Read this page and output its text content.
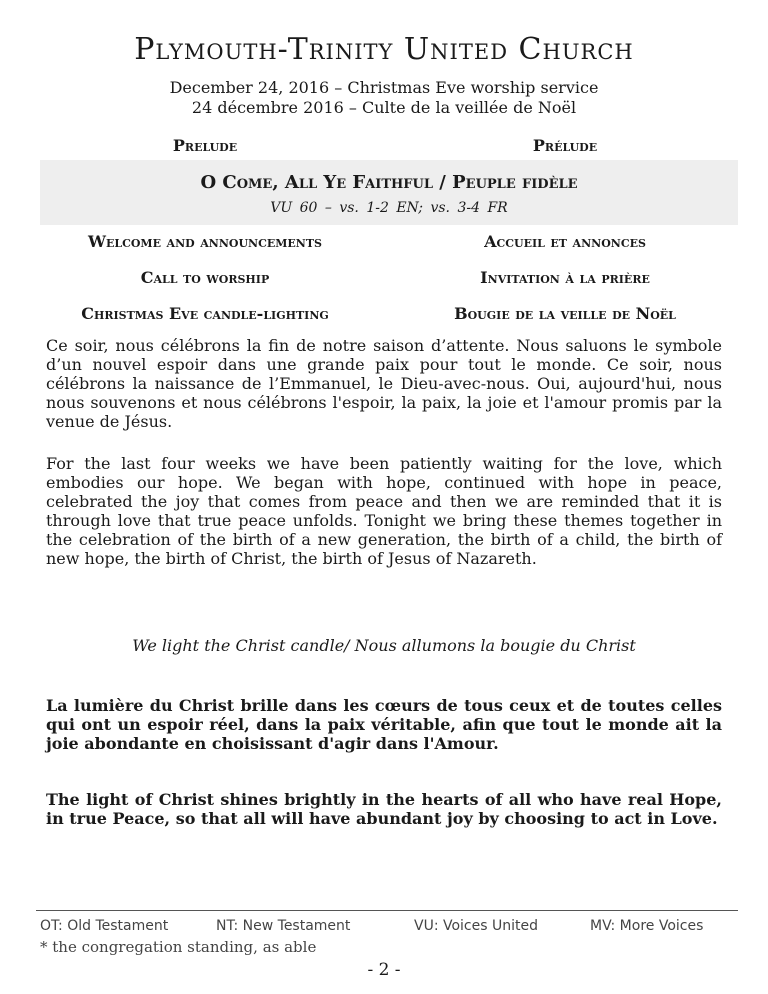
Plymouth-Trinity United Church
December 24, 2016 – Christmas Eve worship service
24 décembre 2016 – Culte de la veillée de Noël
Prelude	Prélude
O Come, All Ye Faithful / Peuple fidèle
VU 60 – vs. 1-2 EN; vs. 3-4 FR
Welcome and announcements	Accueil et annonces
Call to worship	Invitation à la prière
Christmas Eve candle-lighting	Bougie de la veille de Noël
Ce soir, nous célébrons la fin de notre saison d’attente. Nous saluons le symbole d’un nouvel espoir dans une grande paix pour tout le monde. Ce soir, nous célébrons la naissance de l’Emmanuel, le Dieu-avec-nous. Oui, aujourd'hui, nous nous souvenons et nous célébrons l'espoir, la paix, la joie et l'amour promis par la venue de Jésus.
For the last four weeks we have been patiently waiting for the love, which embodies our hope. We began with hope, continued with hope in peace, celebrated the joy that comes from peace and then we are reminded that it is through love that true peace unfolds. Tonight we bring these themes together in the celebration of the birth of a new generation, the birth of a child, the birth of new hope, the birth of Christ, the birth of Jesus of Nazareth.
We light the Christ candle/ Nous allumons la bougie du Christ
La lumière du Christ brille dans les cœurs de tous ceux et de toutes celles qui ont un espoir réel, dans la paix véritable, afin que tout le monde ait la joie abondante en choisissant d'agir dans l'Amour.
The light of Christ shines brightly in the hearts of all who have real Hope, in true Peace, so that all will have abundant joy by choosing to act in Love.
OT: Old Testament	NT: New Testament	VU: Voices United	MV: More Voices
* the congregation standing, as able
- 2 -
